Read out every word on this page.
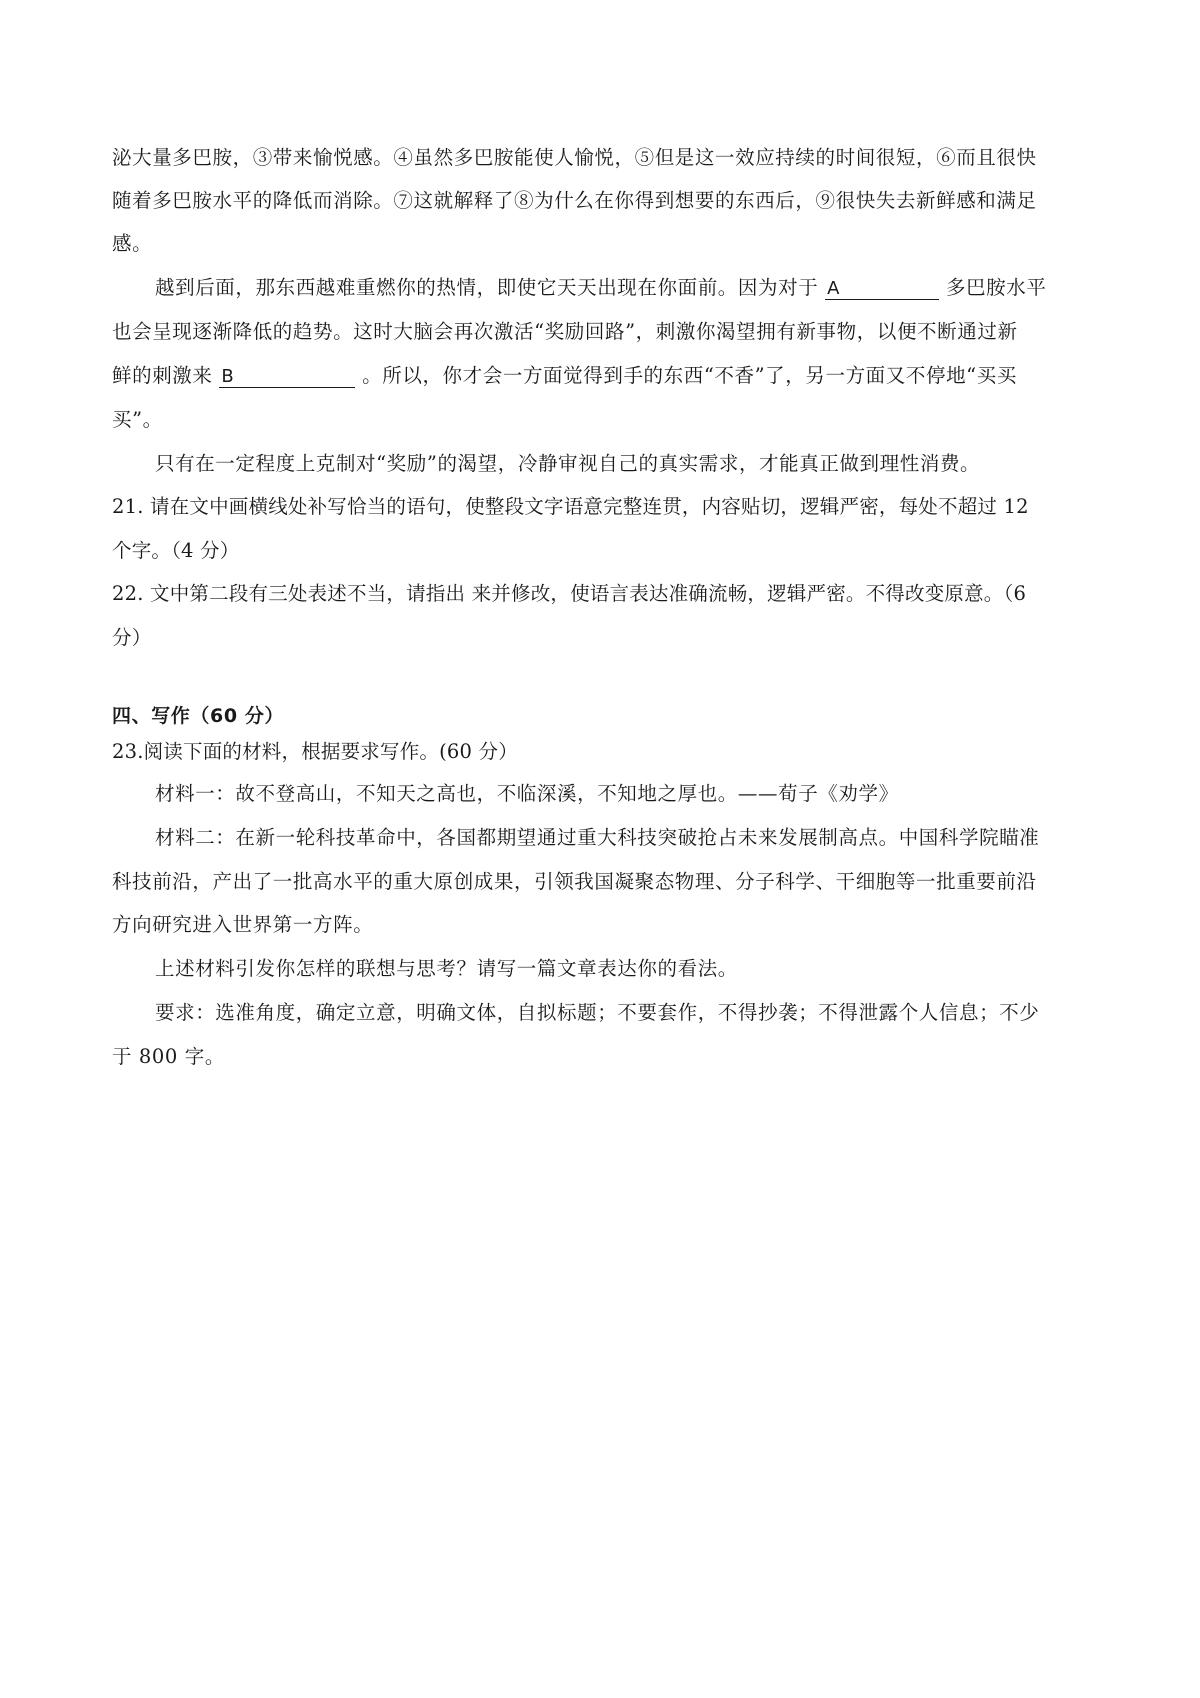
泌大量多巴胺，③带来愉悦感。④虽然多巴胺能使人愉悦，⑤但是这一效应持续的时间很短，⑥而且很快
随着多巴胺水平的降低而消除。⑦这就解释了⑧为什么在你得到想要的东西后，⑨很快失去新鲜感和满足
感。
越到后面，那东西越难重燃你的热情，即使它天天出现在你面前。因为对于 A	多巴胺水平
也会呈现逐渐降低的趋势。这时大脑会再次激活“奖励回路”，刺激你渴望拥有新事物，以便不断通过新
鲜的刺激来 B	。所以，你才会一方面觉得到手的东西“不香”了，另一方面又不停地“买买
买”。
只有在一定程度上克制对“奖励”的渴望，冷静审视自己的真实需求，才能真正做到理性消费。
21. 请在文中画横线处补写恰当的语句，使整段文字语意完整连贯，内容贴切，逻辑严密，每处不超过 12
个字。（4 分）
22. 文中第二段有三处表述不当，请指出 来并修改，使语言表达准确流畅，逻辑严密。不得改变原意。（6
分）
四、写作（60 分）
23.阅读下面的材料，根据要求写作。(60 分）
材料一：故不登高山，不知天之高也，不临深溪，不知地之厚也。——荀子《劝学》
材料二：在新一轮科技革命中，各国都期望通过重大科技突破抢占未来发展制高点。中国科学院瞄准
科技前沿，产出了一批高水平的重大原创成果，引领我国凝聚态物理、分子科学、干细胞等一批重要前沿
方向研究进入世界第一方阵。
上述材料引发你怎样的联想与思考？请写一篇文章表达你的看法。
要求：选准角度，确定立意，明确文体，自拟标题；不要套作，不得抄袭；不得泄露个人信息；不少
于 800 字。
